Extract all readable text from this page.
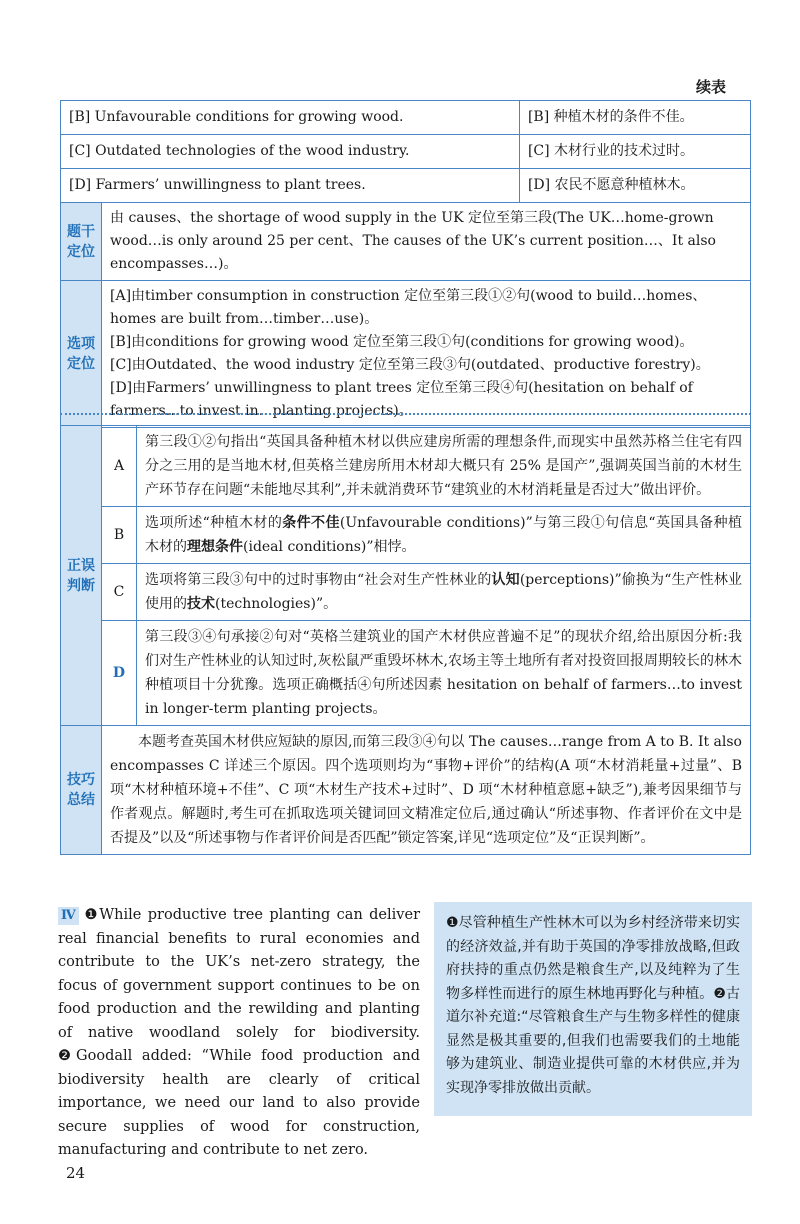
续表
[B] Unfavourable conditions for growing wood.		[B] 种植木材的条件不佳。
[C] Outdated technologies of the wood industry.		[C] 木材行业的技术过时。
[D] Farmers’ unwillingness to plant trees.		[D] 农民不愿意种植林木。
题干定位	由 causes、the shortage of wood supply in the UK 定位至第三段(The UK…home-grown wood…is only around 25 per cent、The causes of the UK’s current position…、It also encompasses…)。	
选项定位	[A]由timber consumption in construction 定位至第三段①②句(wood to build…homes、homes are built from…timber…use)。

[B]由conditions for growing wood 定位至第三段①句(conditions for growing wood)。

[C]由Outdated、the wood industry 定位至第三段③句(outdated、productive forestry)。

[D]由Farmers’ unwillingness to plant trees 定位至第三段④句(hesitation on behalf of farmers…to invest in…planting projects)。	

正误判断	A	第三段①②句指出“英国具备种植木材以供应建房所需的理想条件,而现实中虽然苏格兰住宅有四分之三用的是当地木材,但英格兰建房所用木材却大概只有 25% 是国产”,强调英国当前的木材生产环节存在问题“未能地尽其利”,并未就消费环节“建筑业的木材消耗量是否过大”做出评价。

	B	选项所述“种植木材的条件不佳(Unfavourable conditions)”与第三段①句信息“英国具备种植木材的理想条件(ideal conditions)”相悖。

	C	选项将第三段③句中的过时事物由“社会对生产性林业的认知(perceptions)”偷换为“生产性林业使用的技术(technologies)”。

	D	第三段③④句承接②句对“英格兰建筑业的国产木材供应普遍不足”的现状介绍,给出原因分析:我们对生产性林业的认知过时,灰松鼠严重毁坏林木,农场主等土地所有者对投资回报周期较长的林木种植项目十分犹豫。选项正确概括④句所述因素 hesitation on behalf of farmers…to invest in longer-term planting projects。

技巧总结	本题考查英国木材供应短缺的原因,而第三段③④句以 The causes…range from A to B. It also encompasses C 详述三个原因。四个选项则均为“事物+评价”的结构(A 项“木材消耗量+过量”、B 项“木材种植环境+不佳”、C 项“木材生产技术+过时”、D 项“木材种植意愿+缺乏”),兼考因果细节与作者观点。解题时,考生可在抓取选项关键词回文精准定位后,通过确认“所述事物、作者评价在文中是否提及”以及“所述事物与作者评价间是否匹配”锁定答案,详见“选项定位”及“正误判断”。	

Ⅳ ❶While productive tree planting can deliver real financial benefits to rural economies and contribute to the UK’s net-zero strategy, the focus of government support continues to be on food production and the rewilding and planting of native woodland solely for biodiversity. ❷Goodall added: “While food production and biodiversity health are clearly of critical importance, we need our land to also provide secure supplies of wood for construction, manufacturing and contribute to net zero.

❶尽管种植生产性林木可以为乡村经济带来切实的经济效益,并有助于英国的净零排放战略,但政府扶持的重点仍然是粮食生产,以及纯粹为了生物多样性而进行的原生林地再野化与种植。❷古道尔补充道:“尽管粮食生产与生物多样性的健康显然是极其重要的,但我们也需要我们的土地能够为建筑业、制造业提供可靠的木材供应,并为实现净零排放做出贡献。

24
